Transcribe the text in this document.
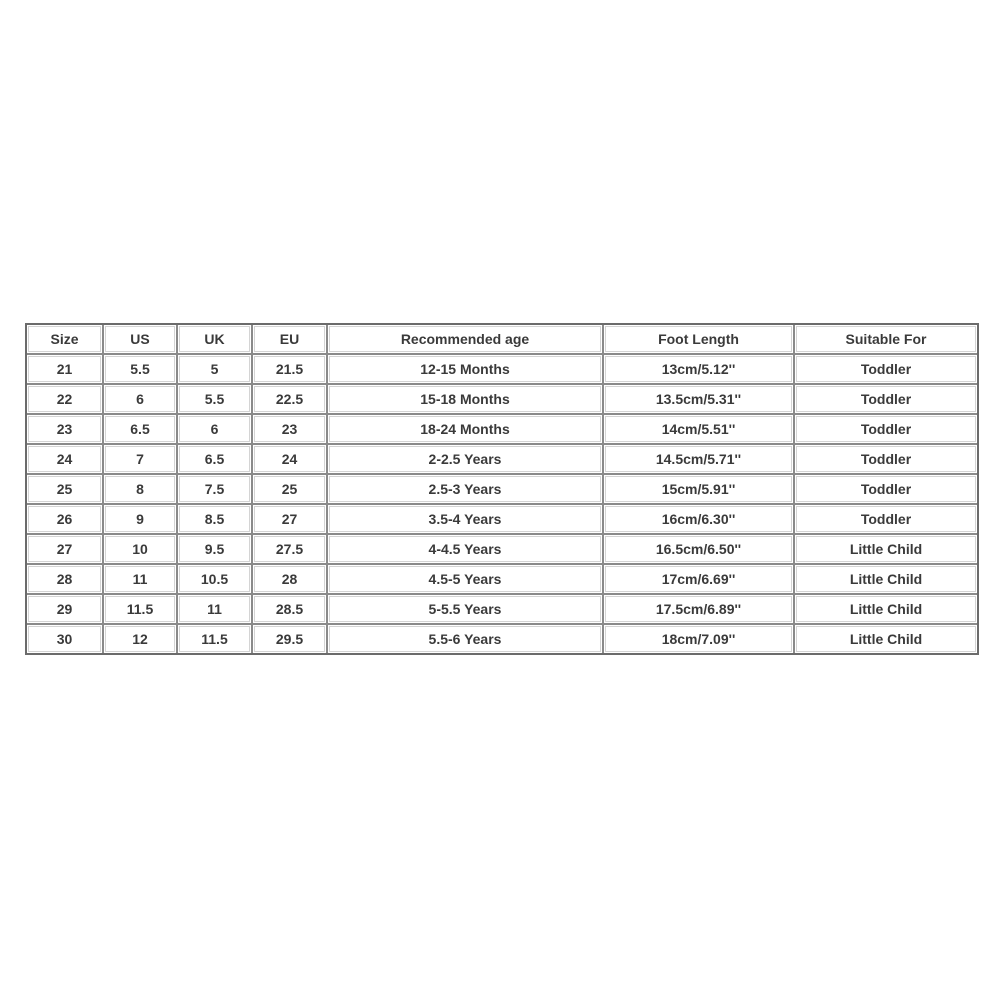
Size	US	UK	EU	Recommended age	Foot Length	Suitable For
21	5.5	5	21.5	12-15 Months	13cm/5.12''	Toddler
22	6	5.5	22.5	15-18 Months	13.5cm/5.31''	Toddler
23	6.5	6	23	18-24 Months	14cm/5.51''	Toddler
24	7	6.5	24	2-2.5 Years	14.5cm/5.71''	Toddler
25	8	7.5	25	2.5-3 Years	15cm/5.91''	Toddler
26	9	8.5	27	3.5-4 Years	16cm/6.30''	Toddler
27	10	9.5	27.5	4-4.5 Years	16.5cm/6.50''	Little Child
28	11	10.5	28	4.5-5 Years	17cm/6.69''	Little Child
29	11.5	11	28.5	5-5.5 Years	17.5cm/6.89''	Little Child
30	12	11.5	29.5	5.5-6 Years	18cm/7.09''	Little Child
